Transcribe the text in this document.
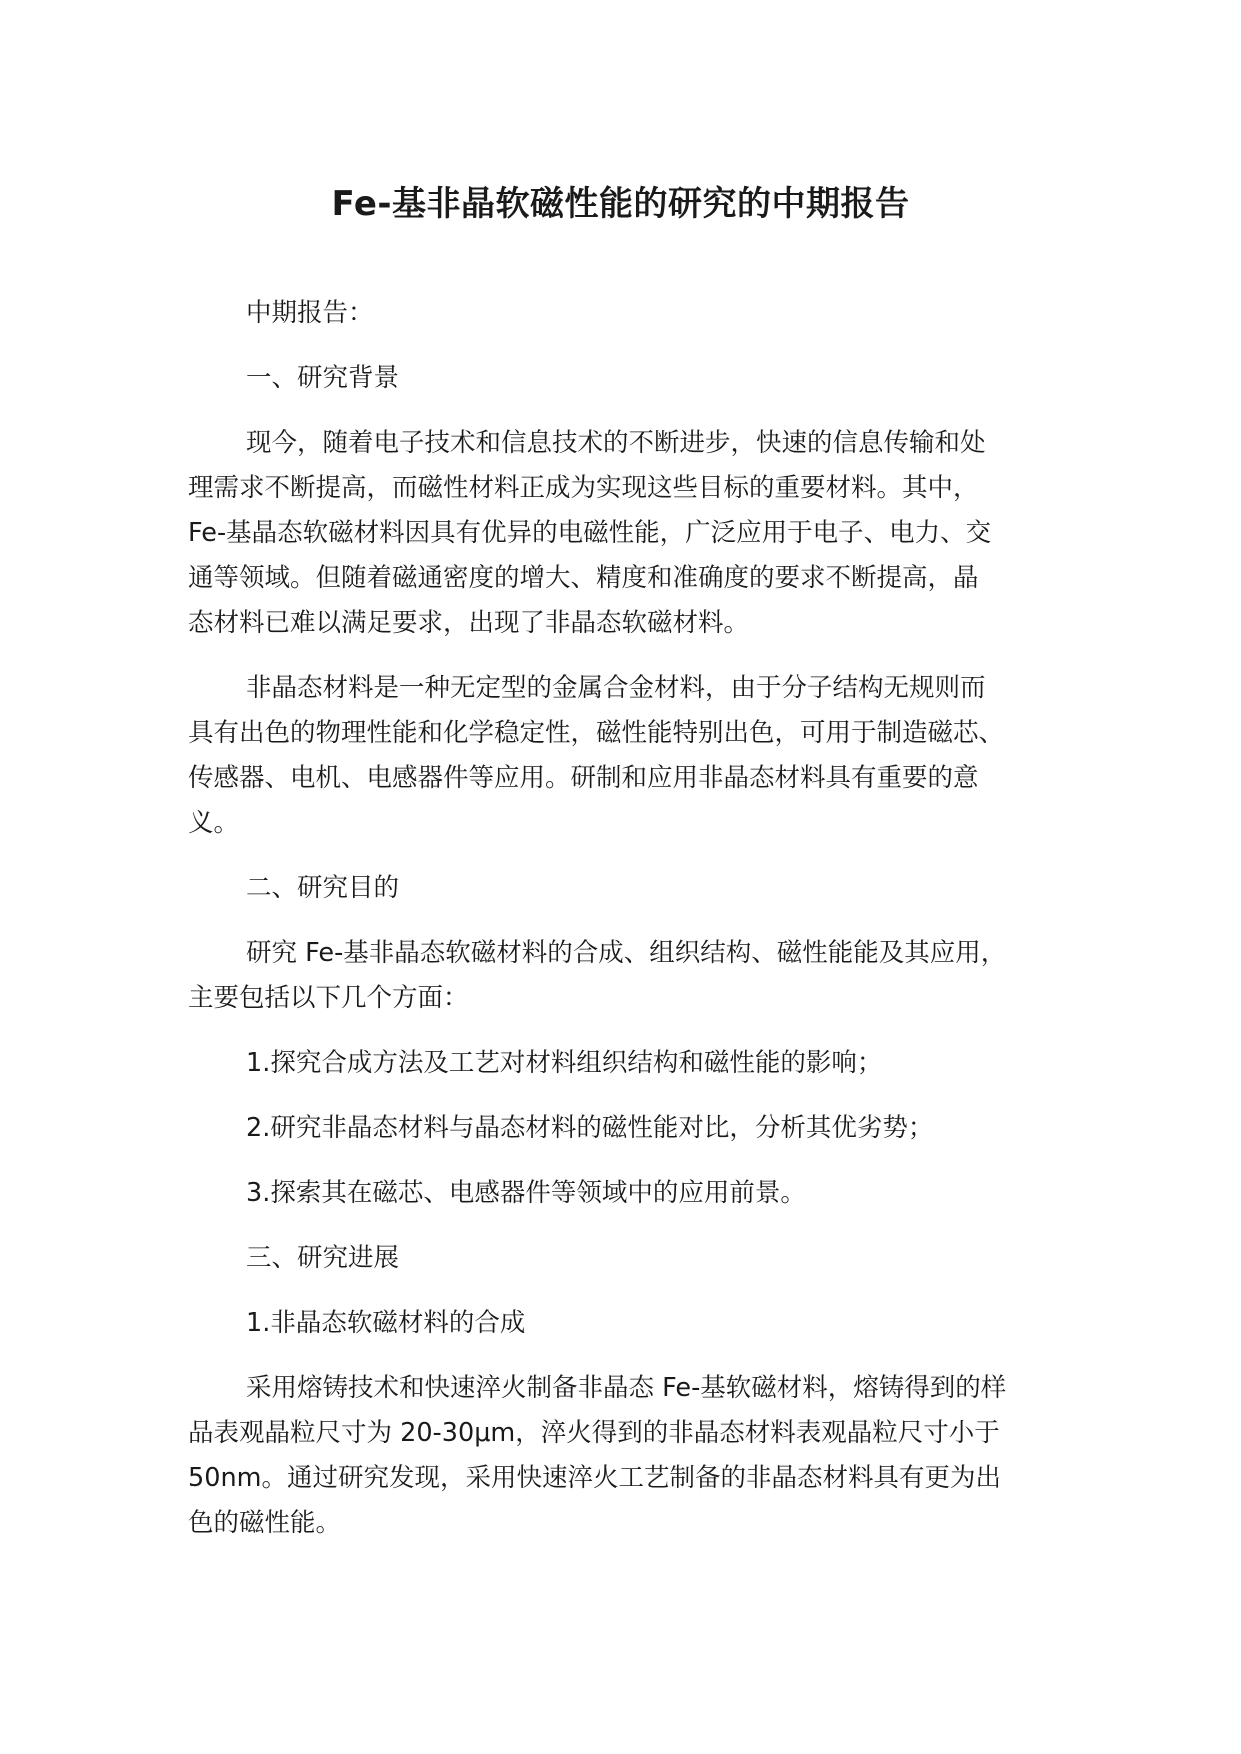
Fe-基非晶软磁性能的研究的中期报告
中期报告：
一、研究背景
现今，随着电子技术和信息技术的不断进步，快速的信息传输和处
理需求不断提高，而磁性材料正成为实现这些目标的重要材料。其中，
Fe-基晶态软磁材料因具有优异的电磁性能，广泛应用于电子、电力、交
通等领域。但随着磁通密度的增大、精度和准确度的要求不断提高，晶
态材料已难以满足要求，出现了非晶态软磁材料。
非晶态材料是一种无定型的金属合金材料，由于分子结构无规则而
具有出色的物理性能和化学稳定性，磁性能特别出色，可用于制造磁芯、
传感器、电机、电感器件等应用。研制和应用非晶态材料具有重要的意
义。
二、研究目的
研究 Fe-基非晶态软磁材料的合成、组织结构、磁性能能及其应用，
主要包括以下几个方面：
1.探究合成方法及工艺对材料组织结构和磁性能的影响；
2.研究非晶态材料与晶态材料的磁性能对比，分析其优劣势；
3.探索其在磁芯、电感器件等领域中的应用前景。
三、研究进展
1.非晶态软磁材料的合成
采用熔铸技术和快速淬火制备非晶态 Fe-基软磁材料，熔铸得到的样
品表观晶粒尺寸为 20-30μm，淬火得到的非晶态材料表观晶粒尺寸小于
50nm。通过研究发现，采用快速淬火工艺制备的非晶态材料具有更为出
色的磁性能。
